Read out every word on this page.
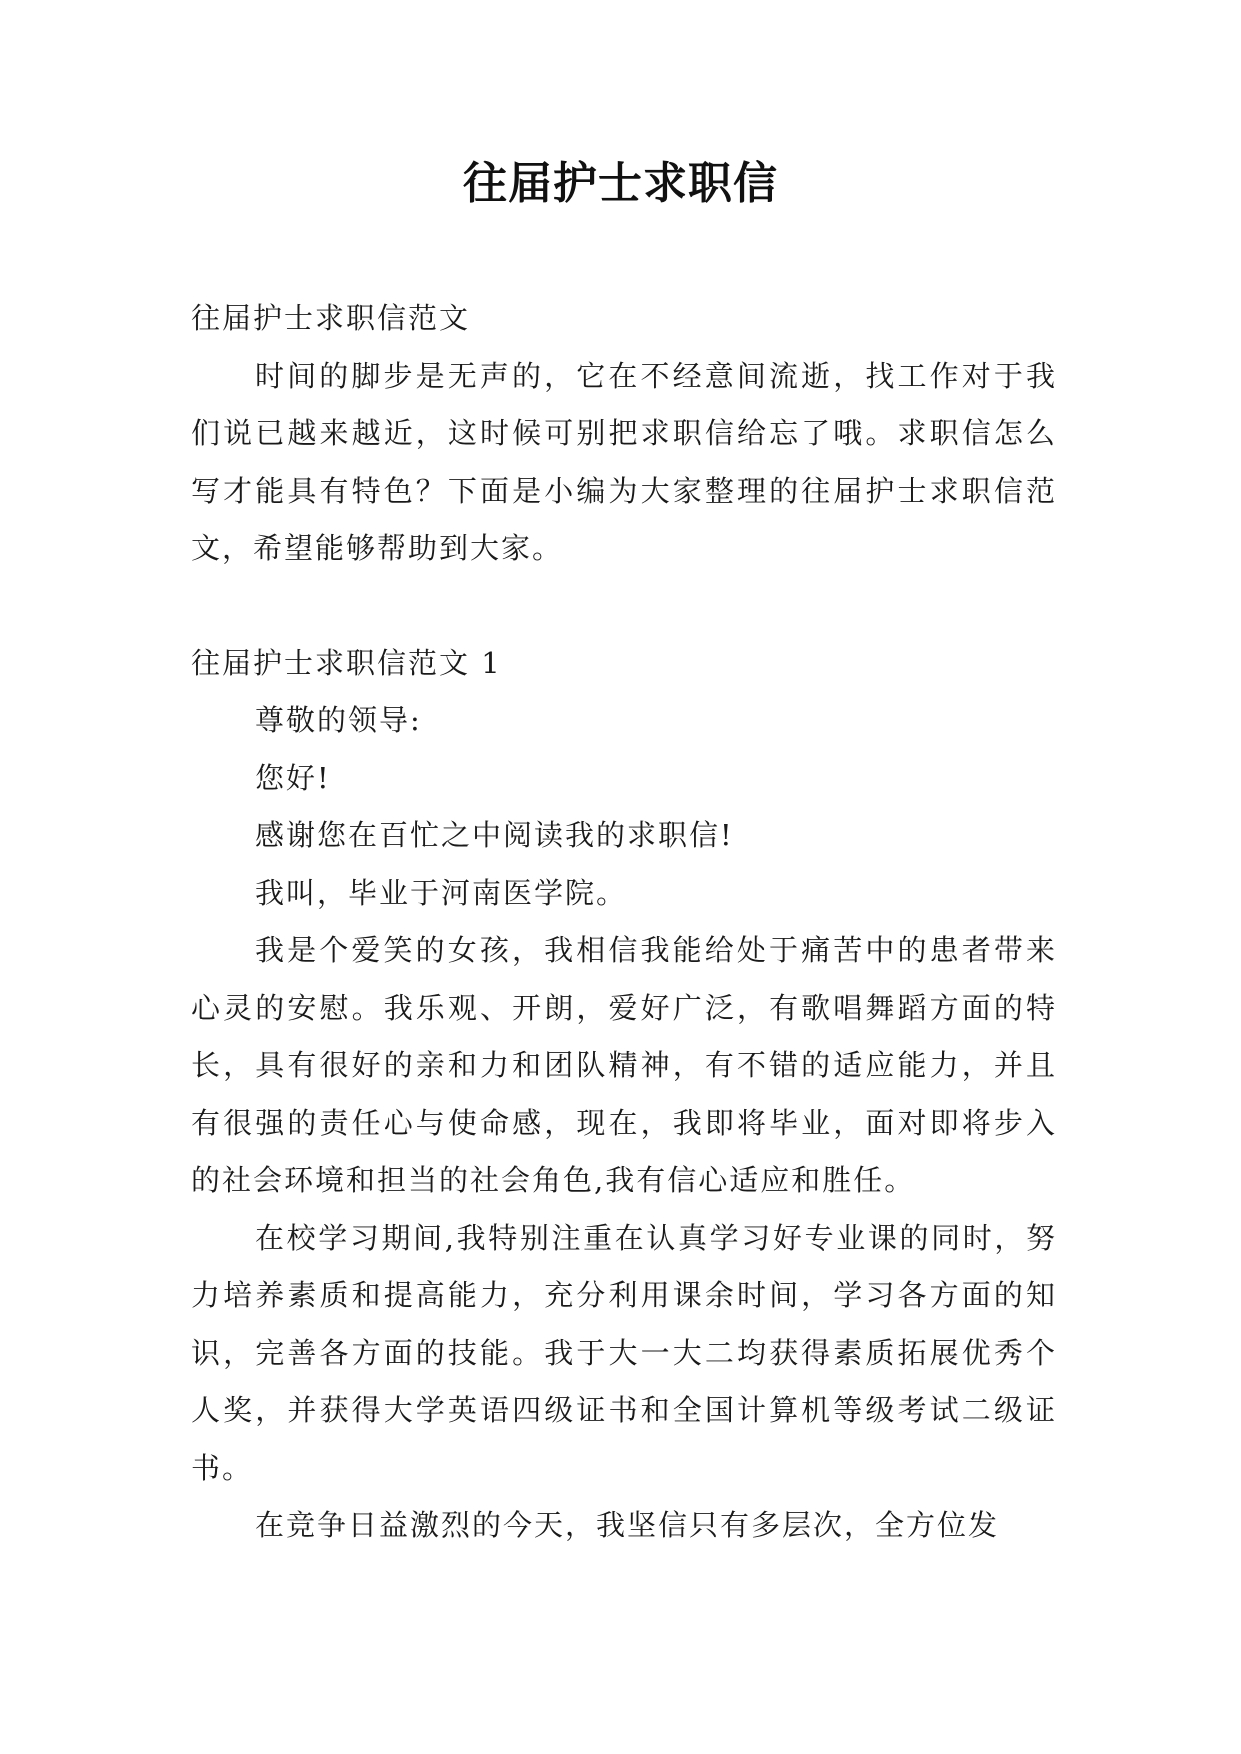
往届护士求职信

往届护士求职信范文

时间的脚步是无声的，它在不经意间流逝，找工作对于我们说已越来越近，这时候可别把求职信给忘了哦。求职信怎么写才能具有特色？下面是小编为大家整理的往届护士求职信范文，希望能够帮助到大家。

往届护士求职信范文 1

尊敬的领导:

您好!

感谢您在百忙之中阅读我的求职信!

我叫，毕业于河南医学院。

我是个爱笑的女孩，我相信我能给处于痛苦中的患者带来心灵的安慰。我乐观、开朗，爱好广泛，有歌唱舞蹈方面的特长，具有很好的亲和力和团队精神，有不错的适应能力，并且有很强的责任心与使命感，现在，我即将毕业，面对即将步入的社会环境和担当的社会角色,我有信心适应和胜任。

在校学习期间,我特别注重在认真学习好专业课的同时，努力培养素质和提高能力，充分利用课余时间，学习各方面的知识，完善各方面的技能。我于大一大二均获得素质拓展优秀个人奖，并获得大学英语四级证书和全国计算机等级考试二级证书。

在竞争日益激烈的今天，我坚信只有多层次，全方位发
